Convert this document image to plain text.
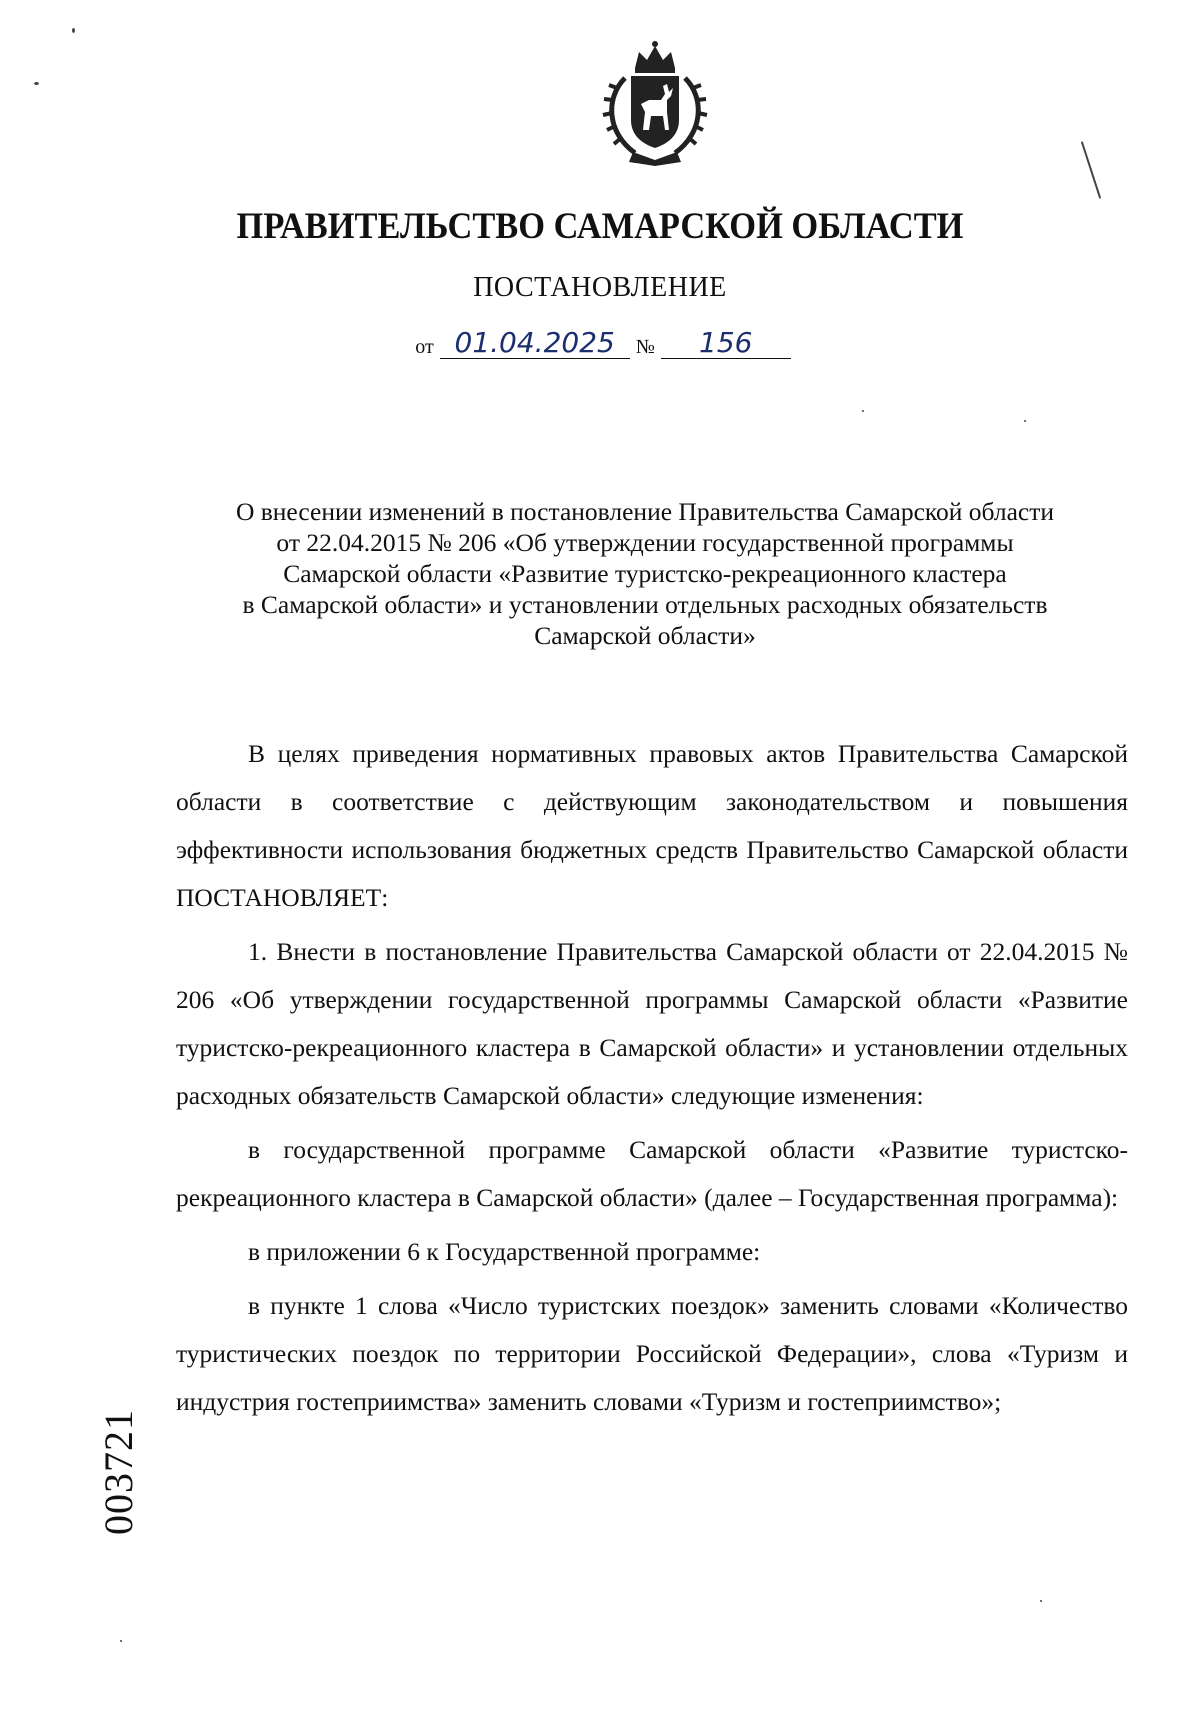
ПРАВИТЕЛЬСТВО САМАРСКОЙ ОБЛАСТИ
ПОСТАНОВЛЕНИЕ
от 01.04.2025 № 156

О внесении изменений в постановление Правительства Самарской области

от 22.04.2015 № 206 «Об утверждении государственной программы

Самарской области «Развитие туристско-рекреационного кластера

в Самарской области» и установлении отдельных расходных обязательств

Самарской области»

В целях приведения нормативных правовых актов Правительства Самарской области в соответствие с действующим законодательством и повышения эффективности использования бюджетных средств Правительство Самарской области ПОСТАНОВЛЯЕТ:

1. Внести в постановление Правительства Самарской области от 22.04.2015 № 206 «Об утверждении государственной программы Самарской области «Развитие туристско-рекреационного кластера в Самарской области» и установлении отдельных расходных обязательств Самарской области» следующие изменения:

в государственной программе Самарской области «Развитие туристско-рекреационного кластера в Самарской области» (далее – Государственная программа):

в приложении 6 к Государственной программе:

в пункте 1 слова «Число туристских поездок» заменить словами «Количество туристических поездок по территории Российской Федерации», слова «Туризм и индустрия гостеприимства» заменить словами «Туризм и гостеприимство»;

003721
